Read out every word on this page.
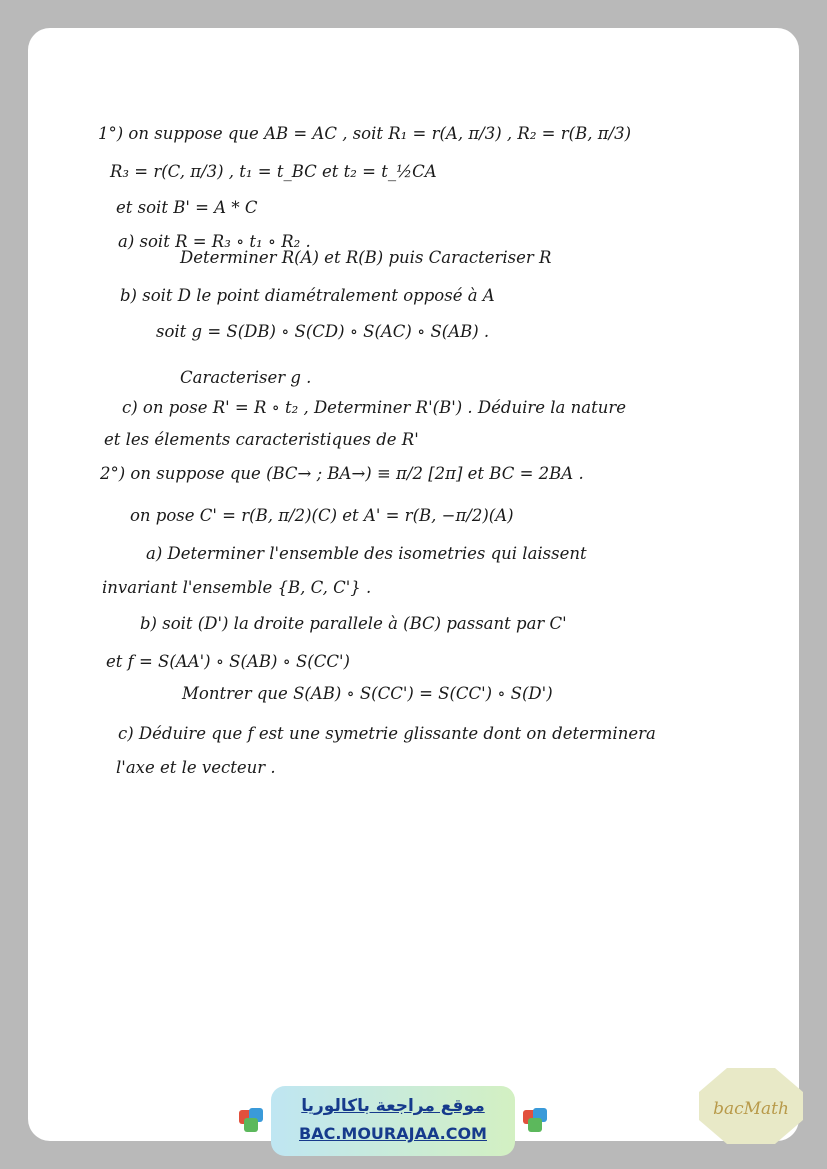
1°) on suppose que AB = AC , soit R₁ = r(A, π/3) , R₂ = r(B, π/3)
R₃ = r(C, π/3) , t₁ = t_BC et t₂ = t_½CA
et soit B' = A * C
a) soit R = R₃ ∘ t₁ ∘ R₂ .
Determiner R(A) et R(B) puis Caracteriser R
b) soit D le point diamétralement opposé à A
soit g = S(DB) ∘ S(CD) ∘ S(AC) ∘ S(AB) .
Caracteriser g .
c) on pose R' = R ∘ t₂ , Determiner R'(B') . Déduire la nature
et les élements caracteristiques de R'
2°) on suppose que (BC→ ; BA→) ≡ π/2 [2π] et BC = 2BA .
on pose C' = r(B, π/2)(C) et A' = r(B, −π/2)(A)
a) Determiner l'ensemble des isometries qui laissent
invariant l'ensemble {B, C, C'} .
b) soit (D') la droite parallele à (BC) passant par C'
et f = S(AA') ∘ S(AB) ∘ S(CC')
Montrer que S(AB) ∘ S(CC') = S(CC') ∘ S(D')
c) Déduire que f est une symetrie glissante dont on determinera
l'axe et le vecteur .
موقع مراجعة باكالوريا
BAC.MOURAJAA.COM
bacMath
